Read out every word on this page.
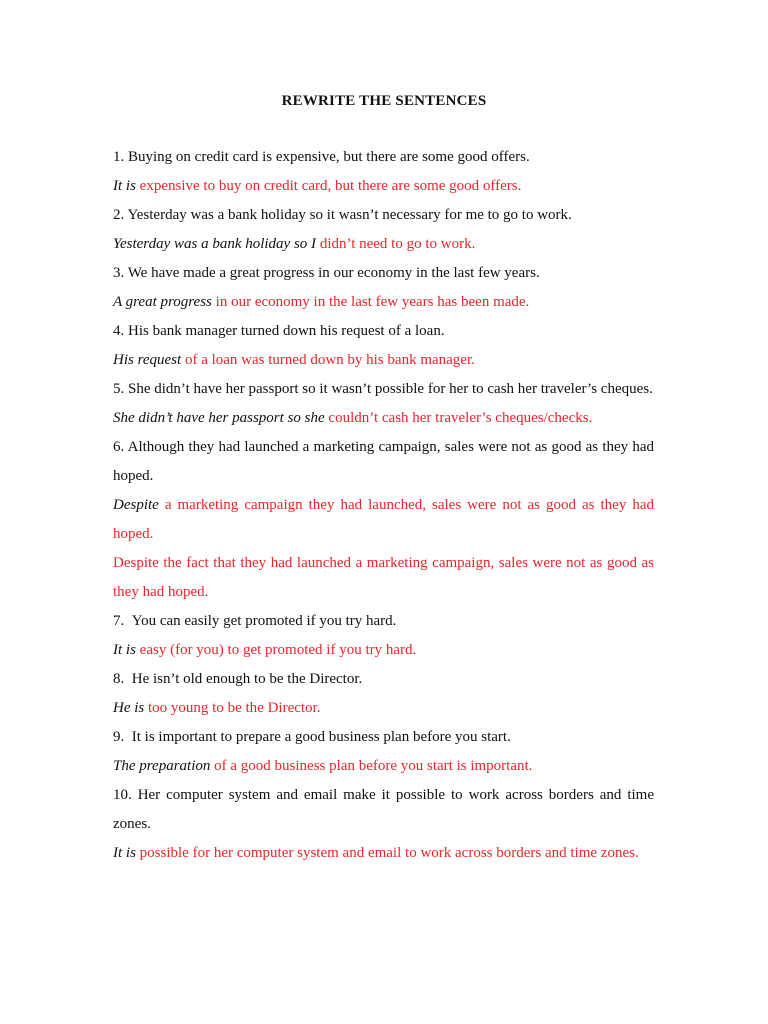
REWRITE THE SENTENCES
1. Buying on credit card is expensive, but there are some good offers.
It is expensive to buy on credit card, but there are some good offers.
2. Yesterday was a bank holiday so it wasn’t necessary for me to go to work.
Yesterday was a bank holiday so I didn’t need to go to work.
3. We have made a great progress in our economy in the last few years.
A great progress in our economy in the last few years has been made.
4. His bank manager turned down his request of a loan.
His request of a loan was turned down by his bank manager.
5. She didn’t have her passport so it wasn’t possible for her to cash her traveler’s cheques.
She didn’t have her passport so she couldn’t cash her traveler’s cheques/checks.
6. Although they had launched a marketing campaign, sales were not as good as they had hoped.
Despite a marketing campaign they had launched, sales were not as good as they had hoped.
Despite the fact that they had launched a marketing campaign, sales were not as good as they had hoped.
7.  You can easily get promoted if you try hard.
It is easy (for you) to get promoted if you try hard.
8.  He isn’t old enough to be the Director.
He is too young to be the Director.
9.  It is important to prepare a good business plan before you start.
The preparation of a good business plan before you start is important.
10. Her computer system and email make it possible to work across borders and time zones.
It is possible for her computer system and email to work across borders and time zones.
